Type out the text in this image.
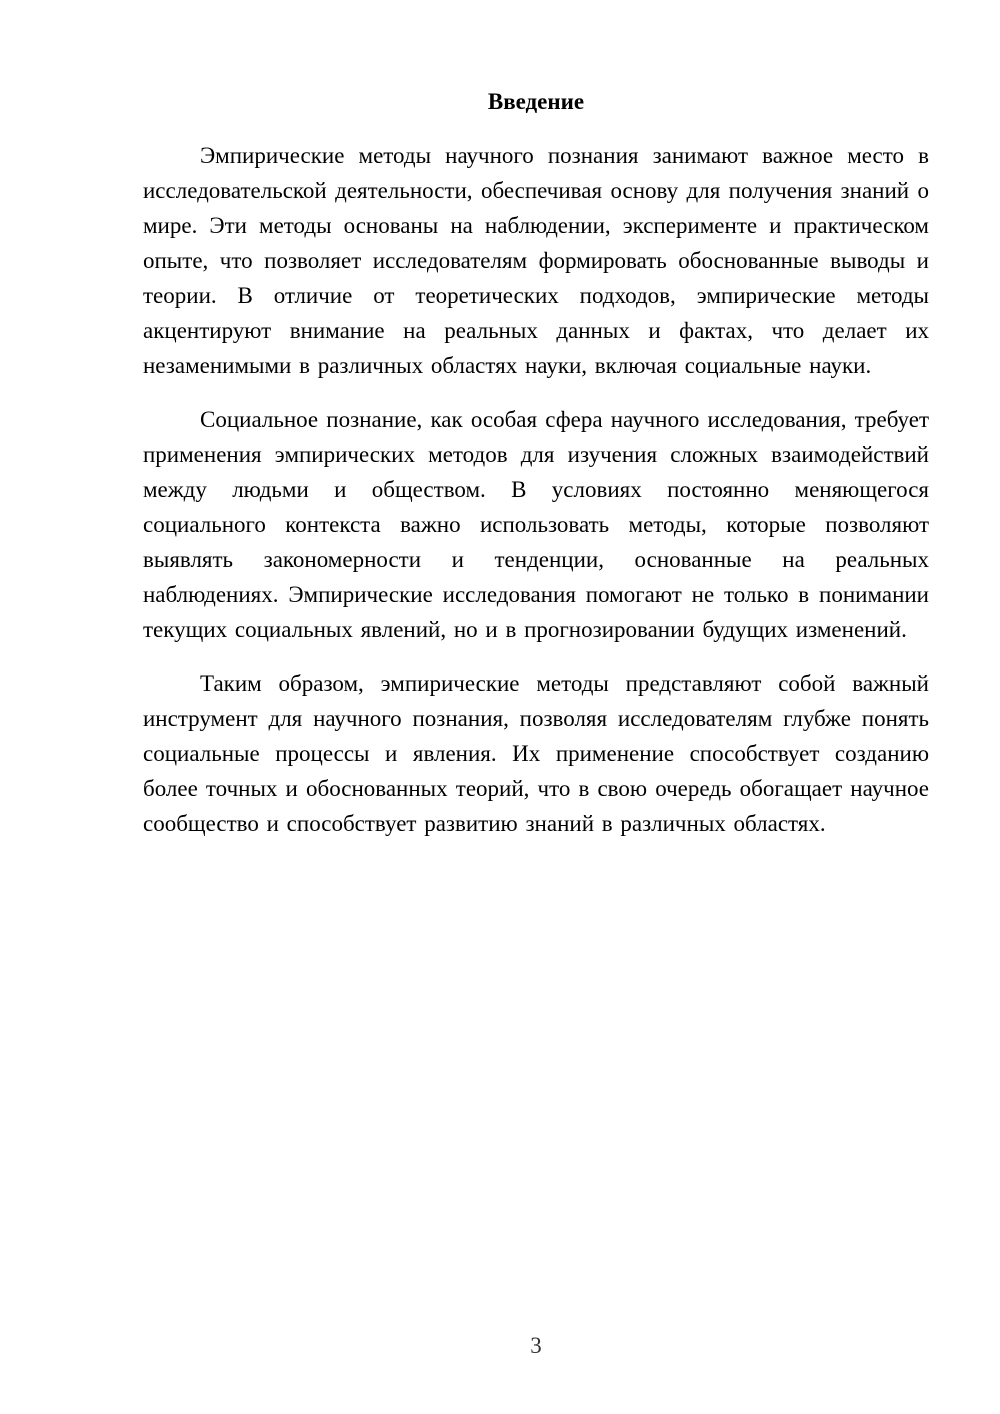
Введение

Эмпирические методы научного познания занимают важное место в исследовательской деятельности, обеспечивая основу для получения знаний о мире. Эти методы основаны на наблюдении, эксперименте и практическом опыте, что позволяет исследователям формировать обоснованные выводы и теории. В отличие от теоретических подходов, эмпирические методы акцентируют внимание на реальных данных и фактах, что делает их незаменимыми в различных областях науки, включая социальные науки.

Социальное познание, как особая сфера научного исследования, требует применения эмпирических методов для изучения сложных взаимодействий между людьми и обществом. В условиях постоянно меняющегося социального контекста важно использовать методы, которые позволяют выявлять закономерности и тенденции, основанные на реальных наблюдениях. Эмпирические исследования помогают не только в понимании текущих социальных явлений, но и в прогнозировании будущих изменений.

Таким образом, эмпирические методы представляют собой важный инструмент для научного познания, позволяя исследователям глубже понять социальные процессы и явления. Их применение способствует созданию более точных и обоснованных теорий, что в свою очередь обогащает научное сообщество и способствует развитию знаний в различных областях.

3
